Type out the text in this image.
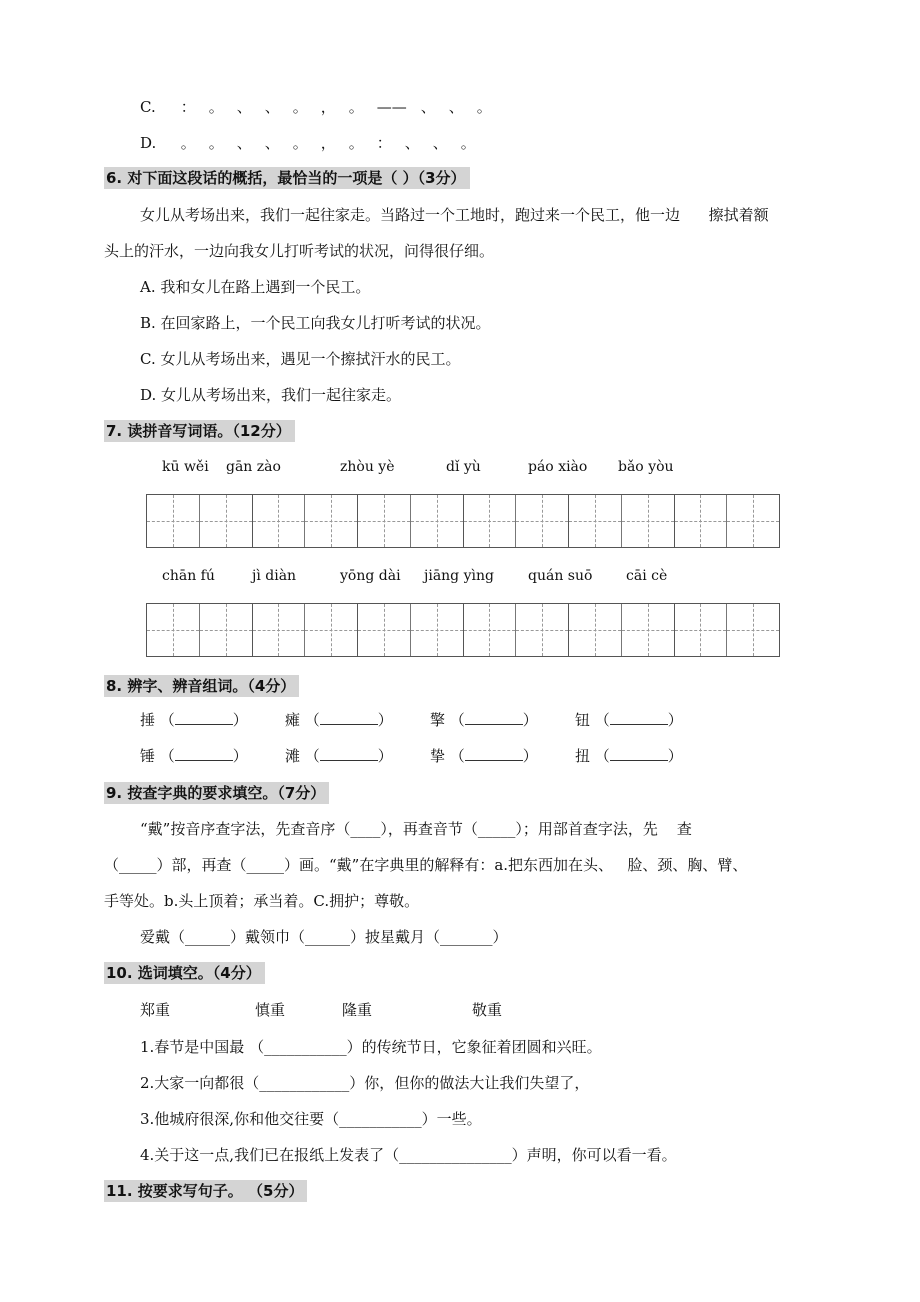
C. ： 。 、 、 。 ， 。 —— 、 、 。
D. 。 。 、 、 。 ， 。 ： 、 、 。
6. 对下面这段话的概括，最恰当的一项是（ ）（3分）
女儿从考场出来，我们一起往家走。当路过一个工地时，跑过来一个民工，他一边      擦拭着额
头上的汗水，一边向我女儿打听考试的状况，问得很仔细。
A. 我和女儿在路上遇到一个民工。
B. 在回家路上，一个民工向我女儿打听考试的状况。
C. 女儿从考场出来，遇见一个擦拭汗水的民工。
D. 女儿从考场出来，我们一起往家走。
7. 读拼音写词语。（12分）
kū wěi gān zào	zhòu yè	dǐ yù	páo xiào bǎo yòu
chān fú	jì diàn	yōng dài jiāng yìng quán suō cāi cè
8. 辨字、辨音组词。（4分）
捶 （	） 瘫 （	） 擎 （	） 钮 （	）
锤 （	） 滩 （	） 挚 （	） 扭 （	）
9. 按查字典的要求填空。（7分）
“戴”按音序查字法，先查音序（____），再查音节（_____）；用部首查字法，先    查
（_____）部，再查（_____）画。“戴”在字典里的解释有：a.把东西加在头、   脸、颈、胸、臂、
手等处。b.头上顶着；承当着。C.拥护；尊敬。
爱戴（______）戴领巾（______）披星戴月（_______）
10. 选词填空。（4分）
郑重	慎重	隆重	敬重
1.春节是中国最 （___________）的传统节日，它象征着团圆和兴旺。
2.大家一向都很（____________）你，但你的做法大让我们失望了，
3.他城府很深,你和他交往要（___________）一些。
4.关于这一点,我们已在报纸上发表了（_______________）声明，你可以看一看。
11. 按要求写句子。 （5分）
